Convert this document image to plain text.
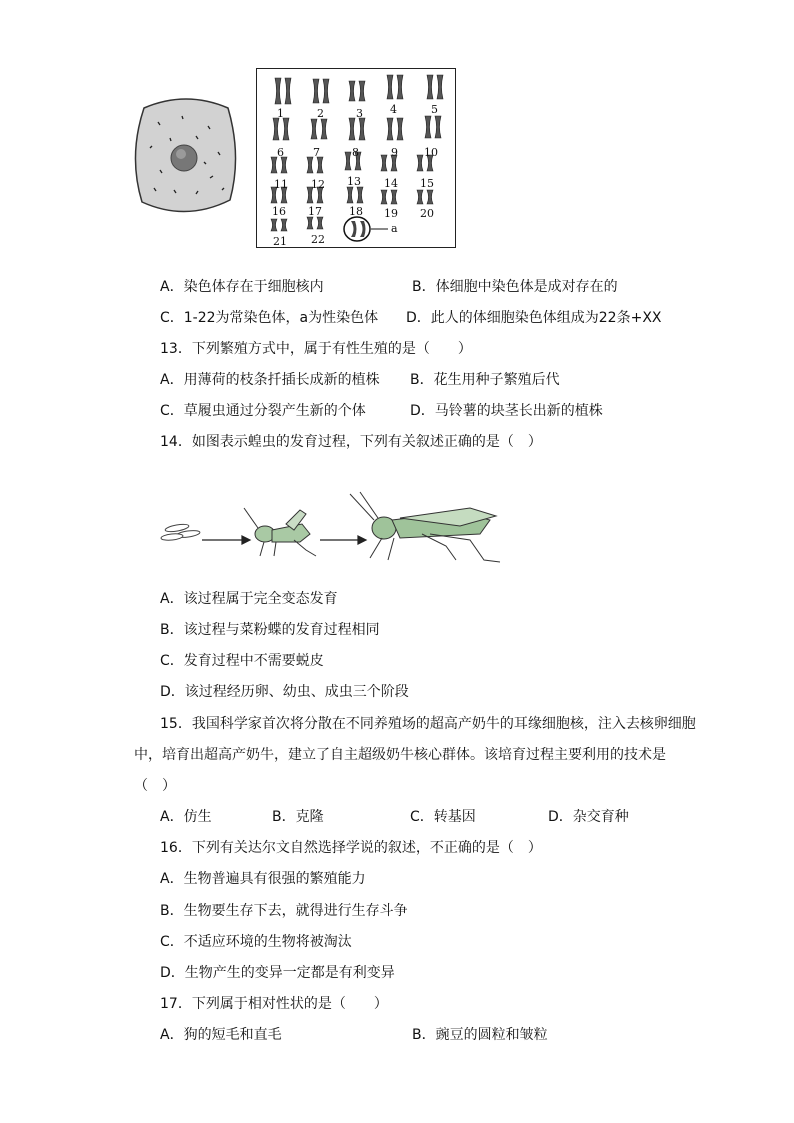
1	2	3 4	5
6	7	8	9 10
11 12 13 14 15
16 17 18 19 20
21 22
a
A．染色体存在于细胞核内	B．体细胞中染色体是成对存在的
C．1-22为常染色体，a为性染色体 D．此人的体细胞染色体组成为22条+XX
13．下列繁殖方式中，属于有性生殖的是（　　）
A．用薄荷的枝条扦插长成新的植株 B．花生用种子繁殖后代
C．草履虫通过分裂产生新的个体	D．马铃薯的块茎长出新的植株
14．如图表示蝗虫的发育过程，下列有关叙述正确的是（　）
A．该过程属于完全变态发育
B．该过程与菜粉蝶的发育过程相同
C．发育过程中不需要蜕皮
D．该过程经历卵、幼虫、成虫三个阶段
15．我国科学家首次将分散在不同养殖场的超高产奶牛的耳缘细胞核，注入去核卵细胞
中，培育出超高产奶牛，建立了自主超级奶牛核心群体。该培育过程主要利用的技术是
（　）
A．仿生	B．克隆	C．转基因	D．杂交育种
16．下列有关达尔文自然选择学说的叙述，不正确的是（　）
A．生物普遍具有很强的繁殖能力
B．生物要生存下去，就得进行生存斗争
C．不适应环境的生物将被淘汰
D．生物产生的变异一定都是有利变异
17．下列属于相对性状的是（　　）
A．狗的短毛和直毛	B．豌豆的圆粒和皱粒
